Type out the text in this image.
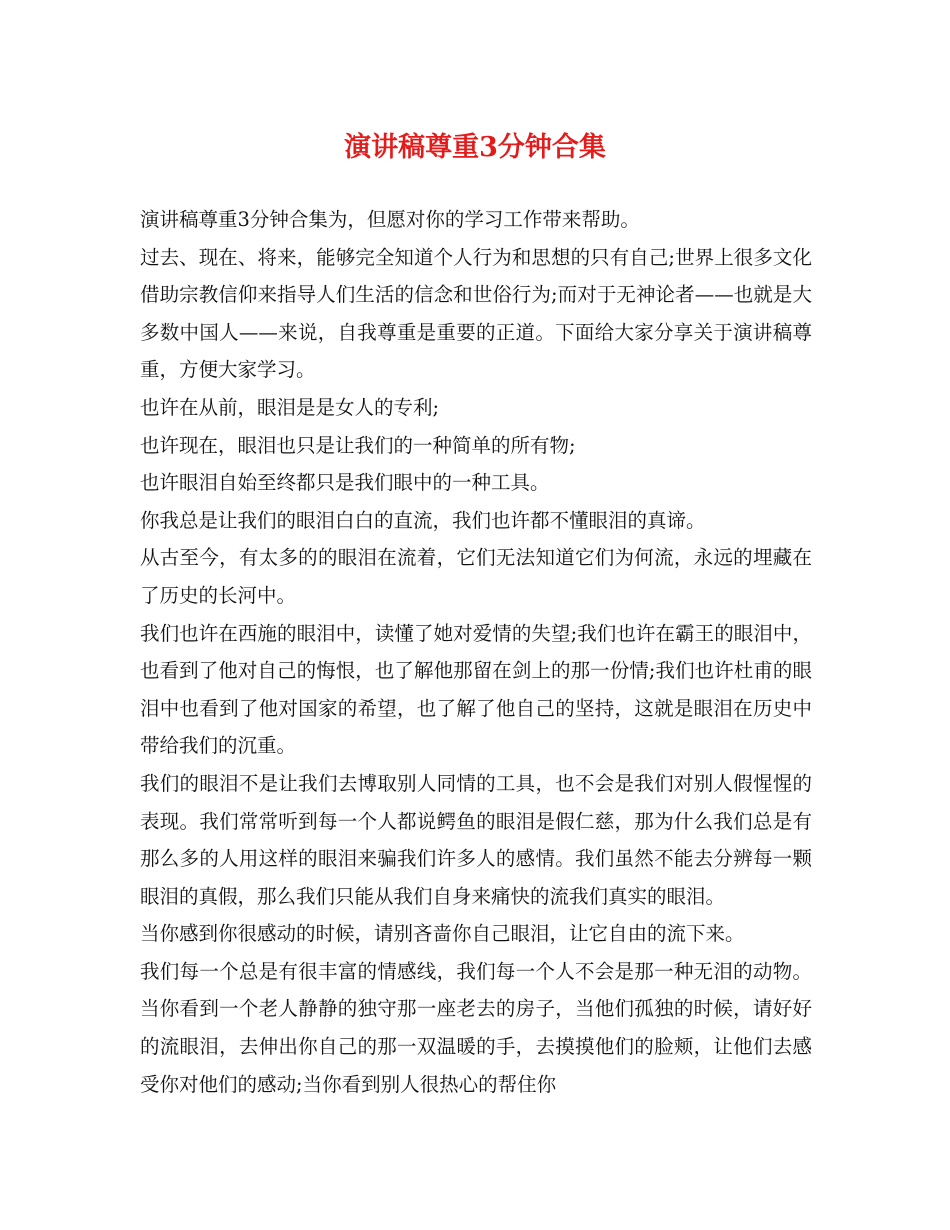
演讲稿尊重3分钟合集

演讲稿尊重3分钟合集为，但愿对你的学习工作带来帮助。

过去、现在、将来，能够完全知道个人行为和思想的只有自己;世界上很多文化借助宗教信仰来指导人们生活的信念和世俗行为;而对于无神论者——也就是大多数中国人——来说，自我尊重是重要的正道。下面给大家分享关于演讲稿尊重，方便大家学习。

也许在从前，眼泪是是女人的专利;

也许现在，眼泪也只是让我们的一种简单的所有物;

也许眼泪自始至终都只是我们眼中的一种工具。

你我总是让我们的眼泪白白的直流，我们也许都不懂眼泪的真谛。

从古至今，有太多的的眼泪在流着，它们无法知道它们为何流，永远的埋藏在了历史的长河中。

我们也许在西施的眼泪中，读懂了她对爱情的失望;我们也许在霸王的眼泪中，也看到了他对自己的悔恨，也了解他那留在剑上的那一份情;我们也许杜甫的眼泪中也看到了他对国家的希望，也了解了他自己的坚持，这就是眼泪在历史中带给我们的沉重。

我们的眼泪不是让我们去博取别人同情的工具，也不会是我们对别人假惺惺的表现。我们常常听到每一个人都说鳄鱼的眼泪是假仁慈，那为什么我们总是有那么多的人用这样的眼泪来骗我们许多人的感情。我们虽然不能去分辨每一颗眼泪的真假，那么我们只能从我们自身来痛快的流我们真实的眼泪。

当你感到你很感动的时候，请别吝啬你自己眼泪，让它自由的流下来。

我们每一个总是有很丰富的情感线，我们每一个人不会是那一种无泪的动物。当你看到一个老人静静的独守那一座老去的房子，当他们孤独的时候，请好好的流眼泪，去伸出你自己的那一双温暖的手，去摸摸他们的脸颊，让他们去感受你对他们的感动;当你看到别人很热心的帮住你
